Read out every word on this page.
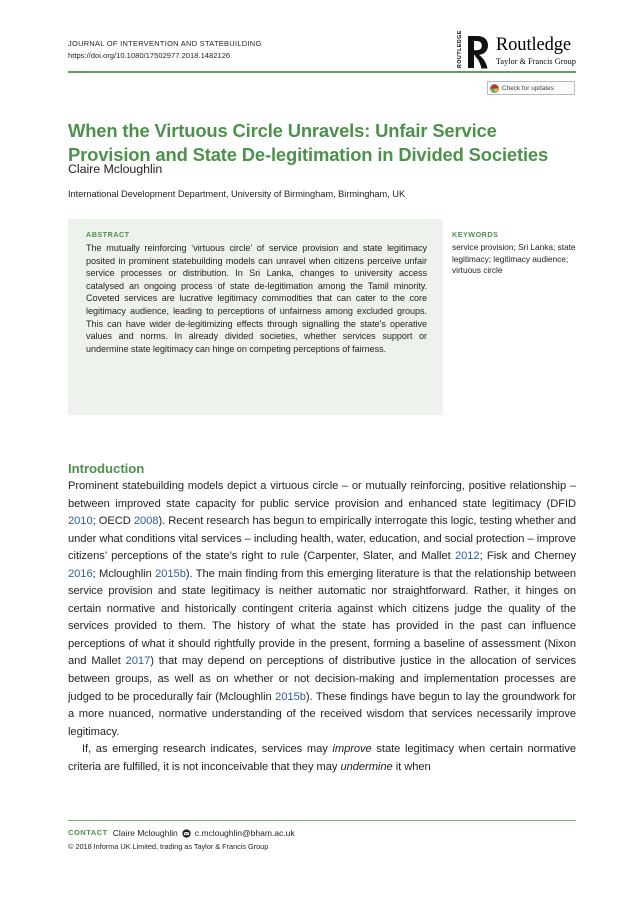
JOURNAL OF INTERVENTION AND STATEBUILDING
https://doi.org/10.1080/17502977.2018.1482126	ROUTLEDGE Routledge
Taylor & Francis Group
Check for updates
When the Virtuous Circle Unravels: Unfair Service Provision and State De-legitimation in Divided Societies
Claire Mcloughlin
International Development Department, University of Birmingham, Birmingham, UK
ABSTRACT

The mutually reinforcing ‘virtuous circle’ of service provision and state legitimacy posited in prominent statebuilding models can unravel when citizens perceive unfair service processes or distribution. In Sri Lanka, changes to university access catalysed an ongoing process of state de-legitimation among the Tamil minority. Coveted services are lucrative legitimacy commodities that can cater to the core legitimacy audience, leading to perceptions of unfairness among excluded groups. This can have wider de-legitimizing effects through signalling the state’s operative values and norms. In already divided societies, whether services support or undermine state legitimacy can hinge on competing perceptions of fairness.

KEYWORDS

service provision; Sri Lanka; state legitimacy; legitimacy audience; virtuous circle

Introduction

Prominent statebuilding models depict a virtuous circle – or mutually reinforcing, positive relationship – between improved state capacity for public service provision and enhanced state legitimacy (DFID 2010; OECD 2008). Recent research has begun to empirically interrogate this logic, testing whether and under what conditions vital services – including health, water, education, and social protection – improve citizens’ perceptions of the state’s right to rule (Carpenter, Slater, and Mallet 2012; Fisk and Cherney 2016; Mcloughlin 2015b). The main finding from this emerging literature is that the relationship between service provision and state legitimacy is neither automatic nor straightforward. Rather, it hinges on certain normative and historically contingent criteria against which citizens judge the quality of the services provided to them. The history of what the state has provided in the past can influence perceptions of what it should rightfully provide in the present, forming a baseline of assessment (Nixon and Mallet 2017) that may depend on perceptions of distributive justice in the allocation of services between groups, as well as on whether or not decision-making and implementation processes are judged to be procedurally fair (Mcloughlin 2015b). These findings have begun to lay the groundwork for a more nuanced, normative understanding of the received wisdom that services necessarily improve legitimacy.

If, as emerging research indicates, services may improve state legitimacy when certain normative criteria are fulfilled, it is not inconceivable that they may undermine it when

CONTACT Claire Mcloughlin c.mcloughlin@bham.ac.uk
© 2018 Informa UK Limited, trading as Taylor & Francis Group
